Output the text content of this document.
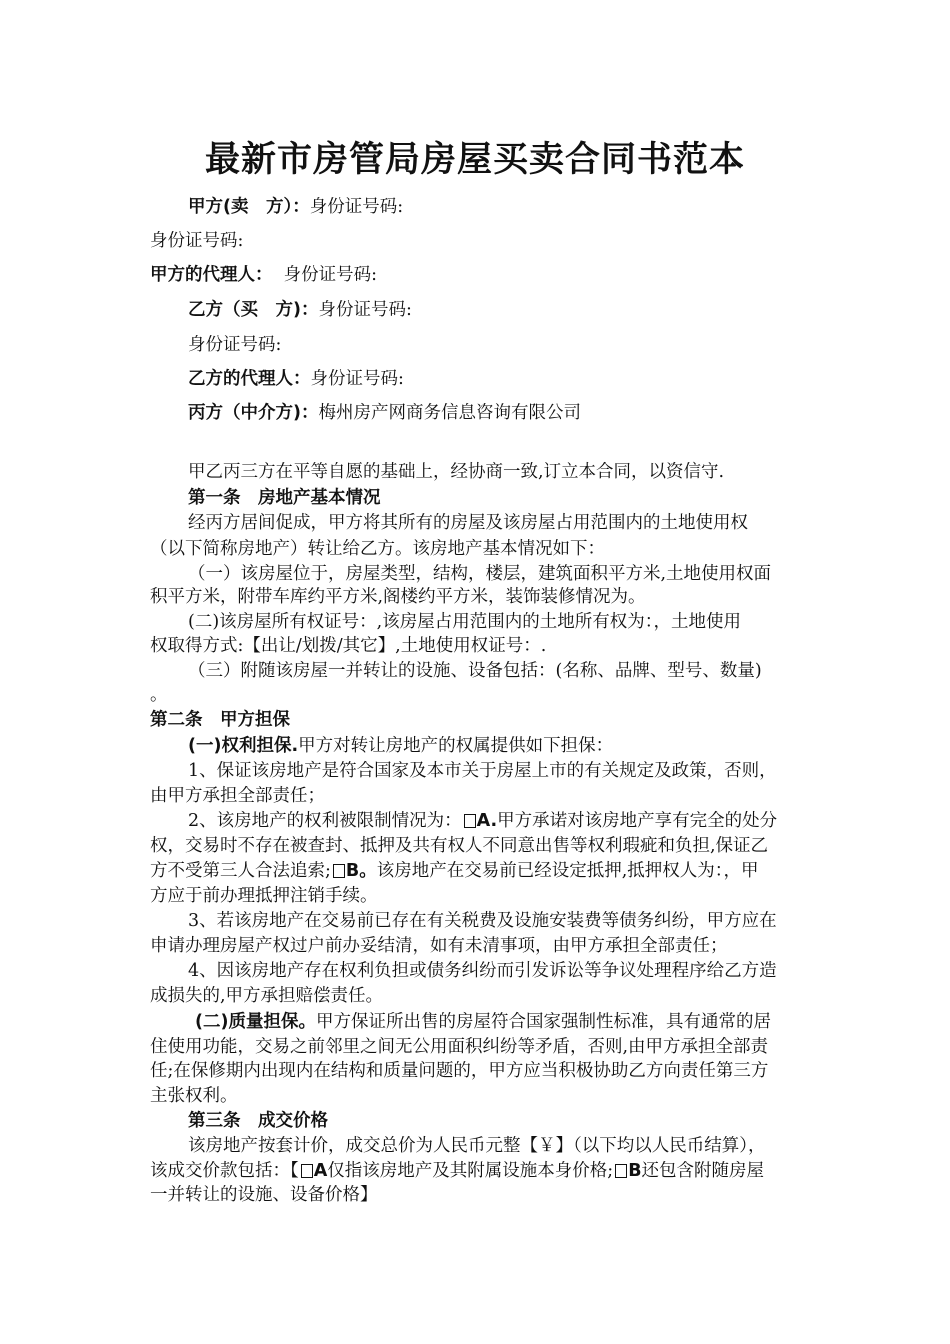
最新市房管局房屋买卖合同书范本
甲方(卖　方）：身份证号码:
身份证号码:
甲方的代理人： 身份证号码:
乙方（买　方)：身份证号码:
身份证号码:
乙方的代理人：身份证号码:
丙方（中介方)：梅州房产网商务信息咨询有限公司
甲乙丙三方在平等自愿的基础上，经协商一致,订立本合同，以资信守.
第一条　房地产基本情况
经丙方居间促成，甲方将其所有的房屋及该房屋占用范围内的土地使用权
（以下简称房地产）转让给乙方。该房地产基本情况如下：
（一）该房屋位于，房屋类型，结构，楼层，建筑面积平方米,土地使用权面
积平方米，附带车库约平方米,阁楼约平方米，装饰装修情况为。
(二)该房屋所有权证号：,该房屋占用范围内的土地所有权为：，土地使用
权取得方式:【出让/划拨/其它】,土地使用权证号：.
（三）附随该房屋一并转让的设施、设备包括：(名称、品牌、型号、数量)
。
第二条　甲方担保
(一)权利担保.甲方对转让房地产的权属提供如下担保：
1、保证该房地产是符合国家及本市关于房屋上市的有关规定及政策，否则，
由甲方承担全部责任；
2、该房地产的权利被限制情况为： A.甲方承诺对该房地产享有完全的处分
权，交易时不存在被查封、抵押及共有权人不同意出售等权利瑕疵和负担,保证乙
方不受第三人合法追索; B。该房地产在交易前已经设定抵押,抵押权人为：，甲
方应于前办理抵押注销手续。
3、若该房地产在交易前已存在有关税费及设施安装费等债务纠纷，甲方应在
申请办理房屋产权过户前办妥结清，如有未清事项，由甲方承担全部责任；
4、因该房地产存在权利负担或债务纠纷而引发诉讼等争议处理程序给乙方造
成损失的,甲方承担赔偿责任。
(二)质量担保。甲方保证所出售的房屋符合国家强制性标准，具有通常的居
住使用功能，交易之前邻里之间无公用面积纠纷等矛盾，否则,由甲方承担全部责
任;在保修期内出现内在结构和质量问题的，甲方应当积极协助乙方向责任第三方
主张权利。
第三条　成交价格
该房地产按套计价，成交总价为人民币元整【￥】（以下均以人民币结算），
该成交价款包括：【 A仅指该房地产及其附属设施本身价格; B还包含附随房屋
一并转让的设施、设备价格】
